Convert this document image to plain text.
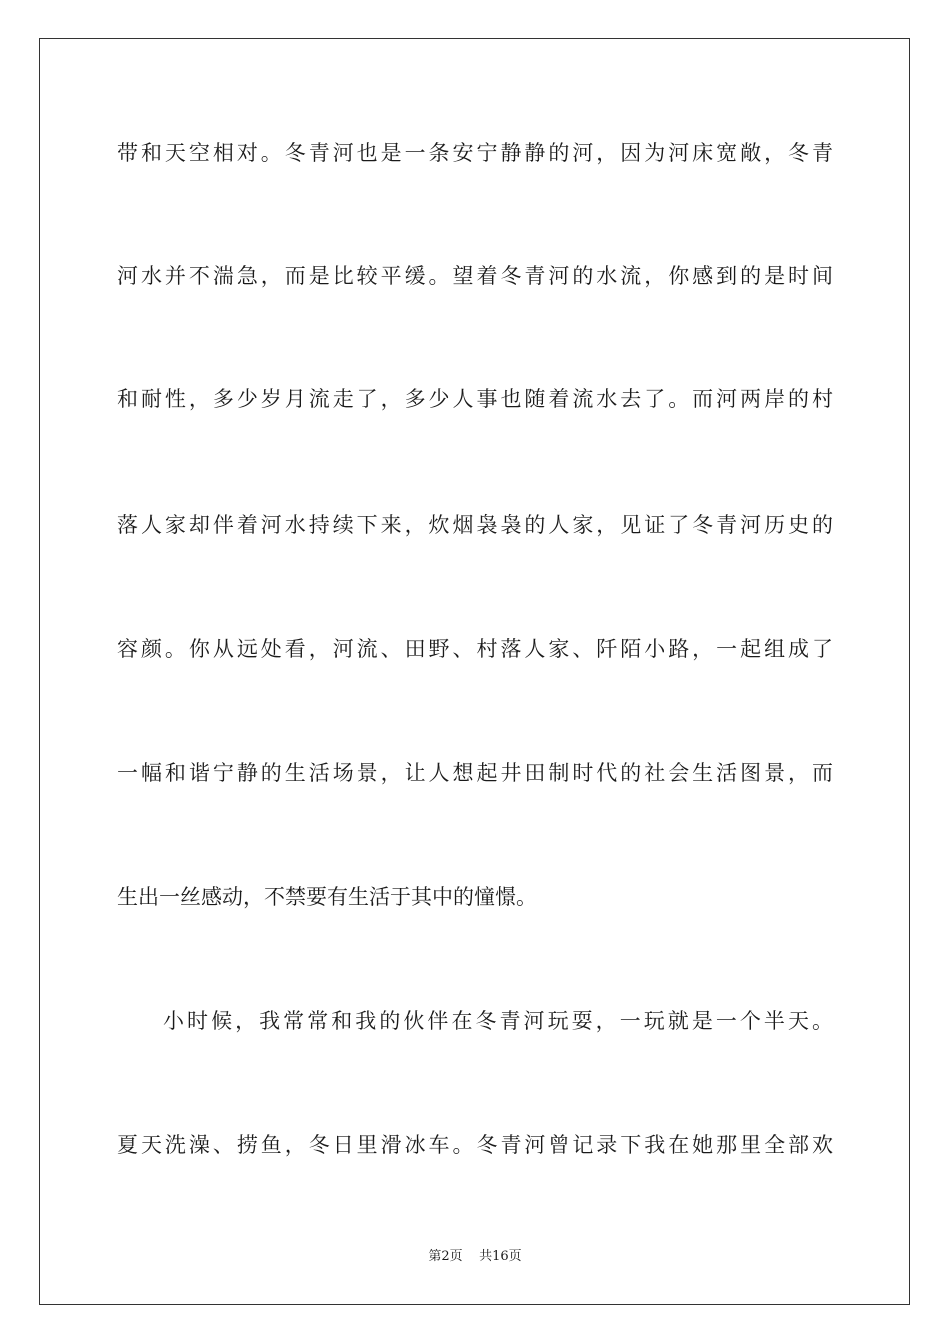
带和天空相对。冬青河也是一条安宁静静的河，因为河床宽敞，冬青

河水并不湍急，而是比较平缓。望着冬青河的水流，你感到的是时间

和耐性，多少岁月流走了，多少人事也随着流水去了。而河两岸的村

落人家却伴着河水持续下来，炊烟袅袅的人家，见证了冬青河历史的

容颜。你从远处看，河流、田野、村落人家、阡陌小路，一起组成了

一幅和谐宁静的生活场景，让人想起井田制时代的社会生活图景，而

生出一丝感动，不禁要有生活于其中的憧憬。

小时候，我常常和我的伙伴在冬青河玩耍，一玩就是一个半天。

夏天洗澡、捞鱼，冬日里滑冰车。冬青河曾记录下我在她那里全部欢

第2页 共16页
